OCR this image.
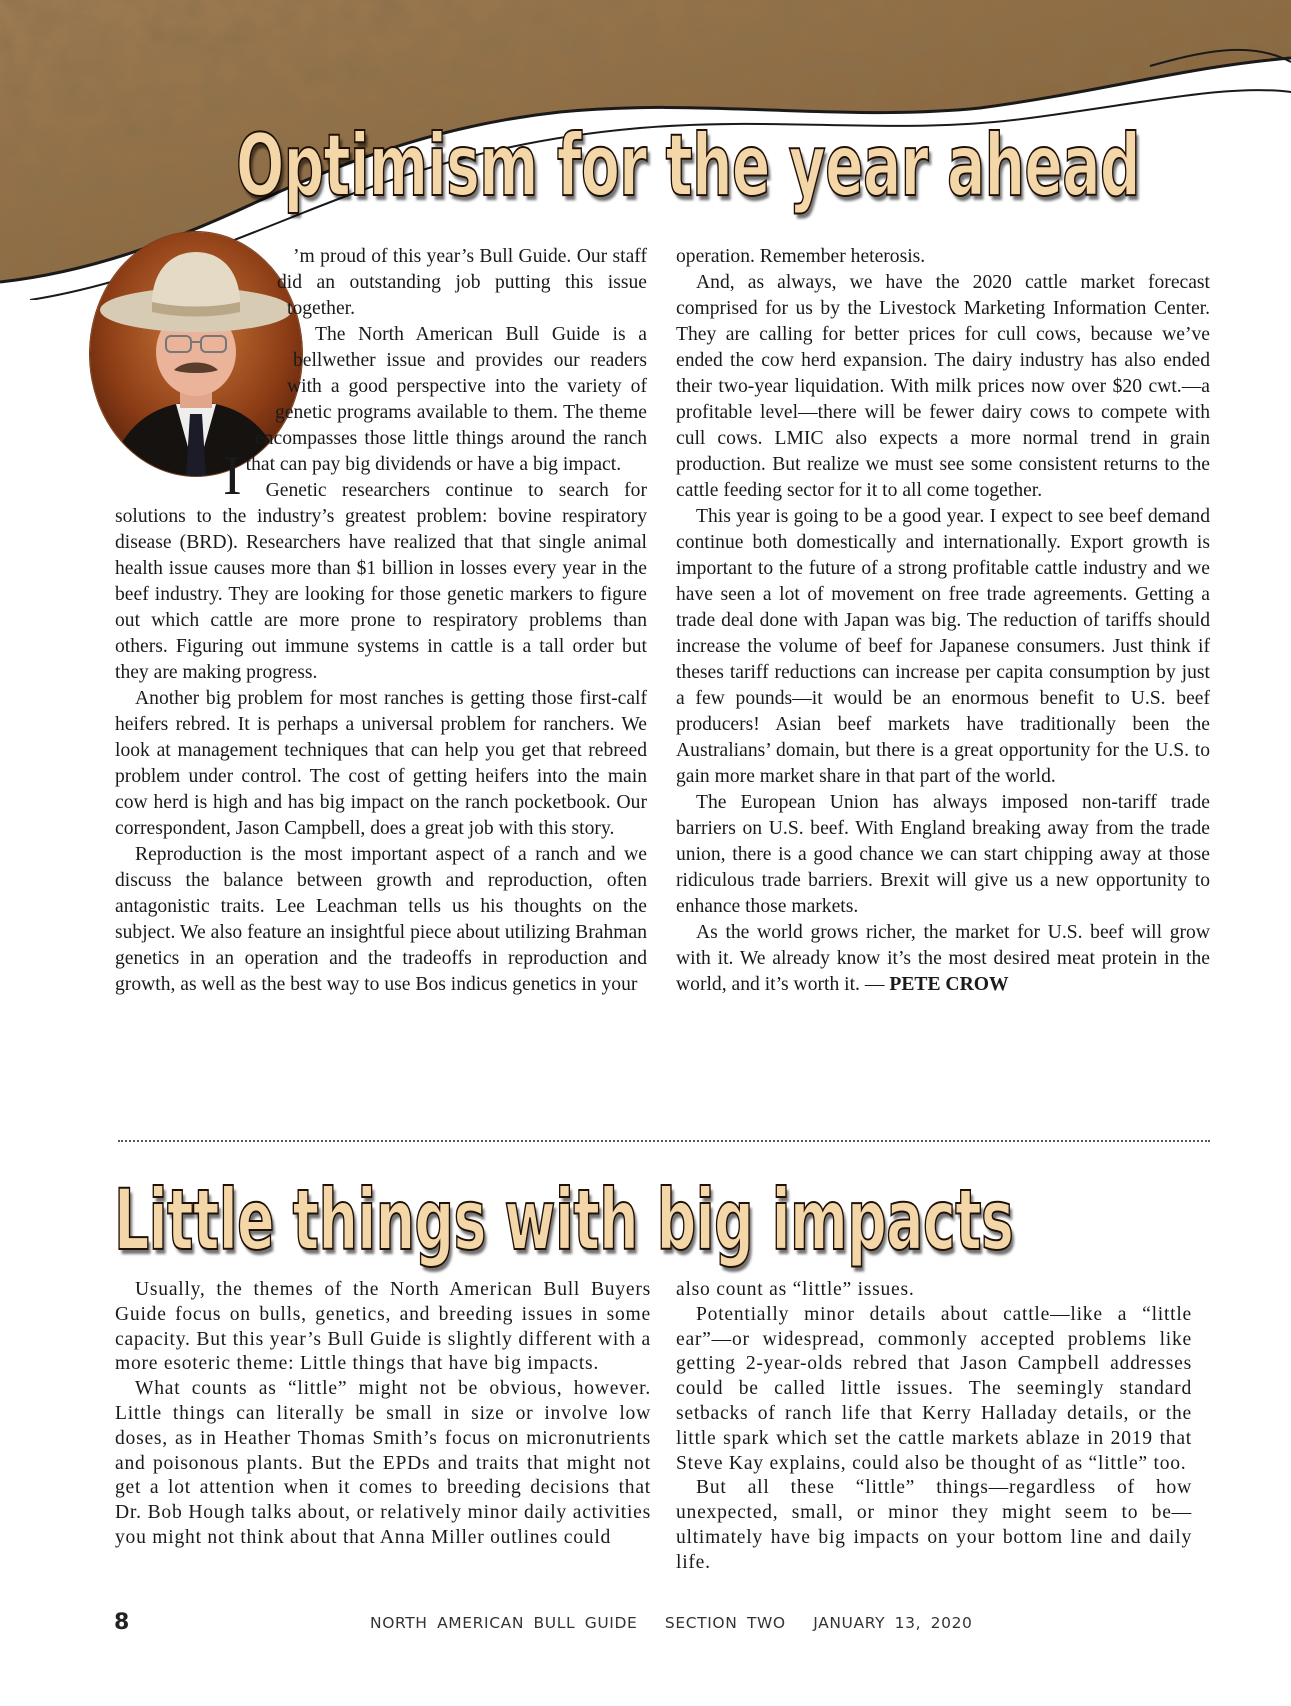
Optimism for the year ahead

I
’m proud of this year’s Bull Guide. Our staff did an outstanding job putting this issue together.

The North American Bull Guide is a bellwether issue and provides our readers with a good perspective into the variety of genetic programs available to them. The theme encompasses those little things around the ranch that can pay big dividends or have a big impact.

Genetic researchers continue to search for solutions to the industry’s greatest problem: bovine respiratory disease (BRD). Researchers have realized that that single animal health issue causes more than $1 billion in losses every year in the beef industry. They are looking for those genetic markers to figure out which cattle are more prone to respiratory problems than others. Figuring out immune systems in cattle is a tall order but they are making progress.

Another big problem for most ranches is getting those first-calf heifers rebred. It is perhaps a universal problem for ranchers. We look at management techniques that can help you get that rebreed problem under control. The cost of getting heifers into the main cow herd is high and has big impact on the ranch pocketbook. Our correspondent, Jason Campbell, does a great job with this story.

Reproduction is the most important aspect of a ranch and we discuss the balance between growth and reproduction, often antagonistic traits. Lee Leachman tells us his thoughts on the subject. We also feature an insightful piece about utilizing Brahman genetics in an operation and the tradeoffs in reproduction and growth, as well as the best way to use Bos indicus genetics in your

operation. Remember heterosis.

And, as always, we have the 2020 cattle market forecast comprised for us by the Livestock Marketing Information Center. They are calling for better prices for cull cows, because we’ve ended the cow herd expansion. The dairy industry has also ended their two-year liquidation. With milk prices now over $20 cwt.—a profitable level—there will be fewer dairy cows to compete with cull cows. LMIC also expects a more normal trend in grain production. But realize we must see some consistent returns to the cattle feeding sector for it to all come together.

This year is going to be a good year. I expect to see beef demand continue both domestically and internationally. Export growth is important to the future of a strong profitable cattle industry and we have seen a lot of movement on free trade agreements. Getting a trade deal done with Japan was big. The reduction of tariffs should increase the volume of beef for Japanese consumers. Just think if theses tariff reductions can increase per capita consumption by just a few pounds—it would be an enormous benefit to U.S. beef producers! Asian beef markets have traditionally been the Australians’ domain, but there is a great opportunity for the U.S. to gain more market share in that part of the world.

The European Union has always imposed non-tariff trade barriers on U.S. beef. With England breaking away from the trade union, there is a good chance we can start chipping away at those ridiculous trade barriers. Brexit will give us a new opportunity to enhance those markets.

As the world grows richer, the market for U.S. beef will grow with it. We already know it’s the most desired meat protein in the world, and it’s worth it. — PETE CROW

Little things with big impacts

Usually, the themes of the North American Bull Buyers Guide focus on bulls, genetics, and breeding issues in some capacity. But this year’s Bull Guide is slightly different with a more esoteric theme: Little things that have big impacts.

What counts as “little” might not be obvious, however. Little things can literally be small in size or involve low doses, as in Heather Thomas Smith’s focus on micronutrients and poisonous plants. But the EPDs and traits that might not get a lot attention when it comes to breeding decisions that Dr. Bob Hough talks about, or relatively minor daily activities you might not think about that Anna Miller outlines could

also count as “little” issues.

Potentially minor details about cattle—like a “little ear”—or widespread, commonly accepted problems like getting 2-year-olds rebred that Jason Campbell addresses could be called little issues. The seemingly standard setbacks of ranch life that Kerry Halladay details, or the little spark which set the cattle markets ablaze in 2019 that Steve Kay explains, could also be thought of as “little” too.

But all these “little” things—regardless of how unexpected, small, or minor they might seem to be—ultimately have big impacts on your bottom line and daily life.

8	NORTH AMERICAN BULL GUIDE SECTION TWO JANUARY 13, 2020
